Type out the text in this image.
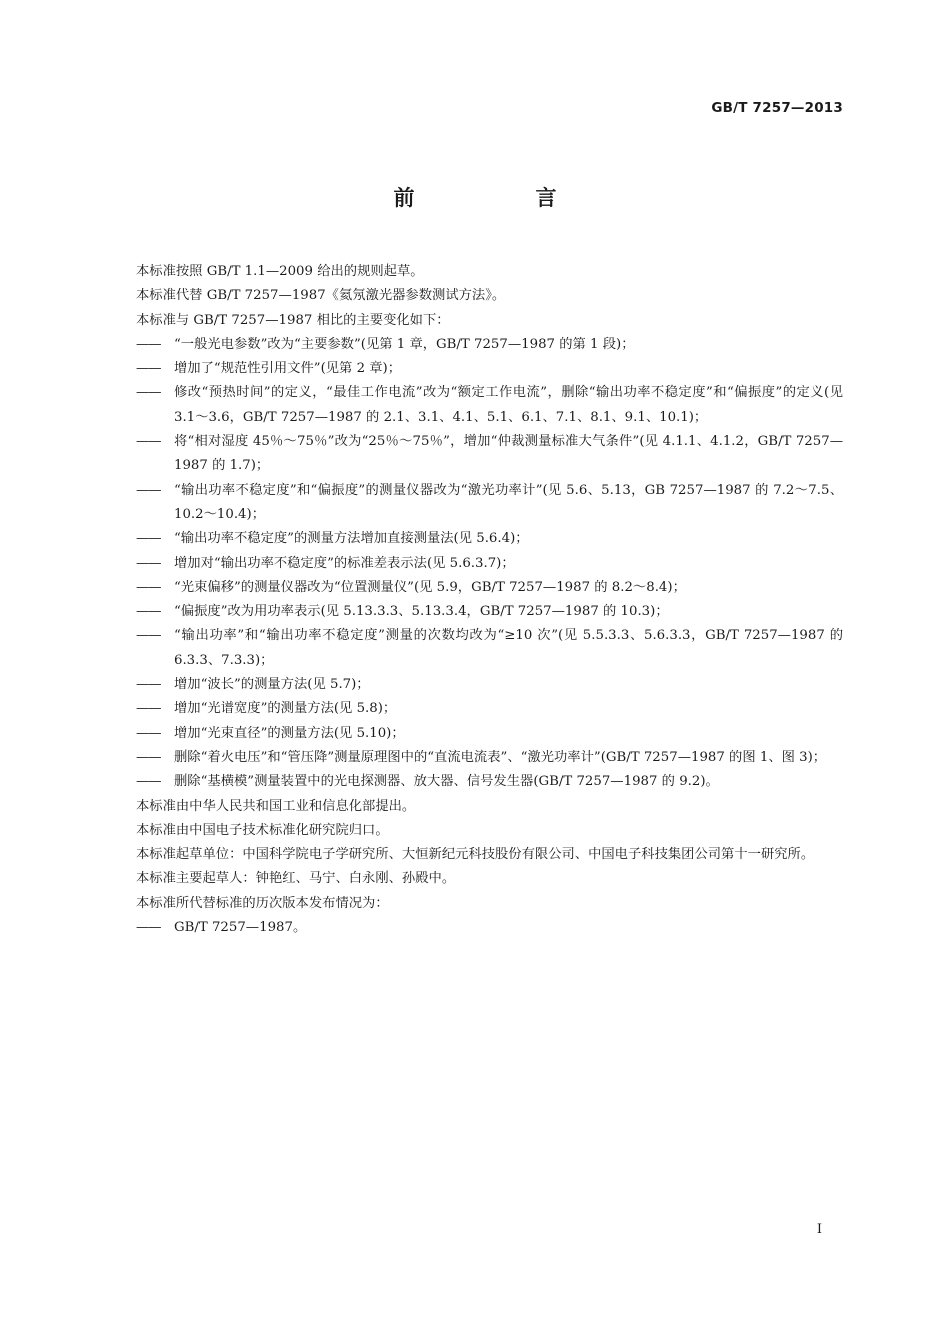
GB/T 7257—2013
前　言

本标准按照 GB/T 1.1—2009 给出的规则起草。

本标准代替 GB/T 7257—1987《氦氖激光器参数测试方法》。

本标准与 GB/T 7257—1987 相比的主要变化如下：

——	“一般光电参数”改为“主要参数”(见第 1 章，GB/T 7257—1987 的第 1 段)；
——	增加了“规范性引用文件”(见第 2 章)；
——	修改“预热时间”的定义，“最佳工作电流”改为“额定工作电流”，删除“输出功率不稳定度”和“偏振度”的定义(见 3.1～3.6，GB/T 7257—1987 的 2.1、3.1、4.1、5.1、6.1、7.1、8.1、9.1、10.1)；
——	将“相对湿度 45％～75％”改为“25％～75％”，增加“仲裁测量标准大气条件”(见 4.1.1、4.1.2，GB/T 7257—1987 的 1.7)；
——	“输出功率不稳定度”和“偏振度”的测量仪器改为“激光功率计”(见 5.6、5.13，GB 7257—1987 的 7.2～7.5、10.2～10.4)；
——	“输出功率不稳定度”的测量方法增加直接测量法(见 5.6.4)；
——	增加对“输出功率不稳定度”的标准差表示法(见 5.6.3.7)；
——	“光束偏移”的测量仪器改为“位置测量仪”(见 5.9，GB/T 7257—1987 的 8.2～8.4)；
——	“偏振度”改为用功率表示(见 5.13.3.3、5.13.3.4，GB/T 7257—1987 的 10.3)；
——	“输出功率”和“输出功率不稳定度”测量的次数均改为“≥10 次”(见 5.5.3.3、5.6.3.3，GB/T 7257—1987 的 6.3.3、7.3.3)；
——	增加“波长”的测量方法(见 5.7)；
——	增加“光谱宽度”的测量方法(见 5.8)；
——	增加“光束直径”的测量方法(见 5.10)；
——	删除“着火电压”和“管压降”测量原理图中的“直流电流表”、“激光功率计”(GB/T 7257—1987 的图 1、图 3)；
——	删除“基横模”测量装置中的光电探测器、放大器、信号发生器(GB/T 7257—1987 的 9.2)。

本标准由中华人民共和国工业和信息化部提出。

本标准由中国电子技术标准化研究院归口。

本标准起草单位：中国科学院电子学研究所、大恒新纪元科技股份有限公司、中国电子科技集团公司第十一研究所。

本标准主要起草人：钟艳红、马宁、白永刚、孙殿中。

本标准所代替标准的历次版本发布情况为：

——	GB/T 7257—1987。
I
